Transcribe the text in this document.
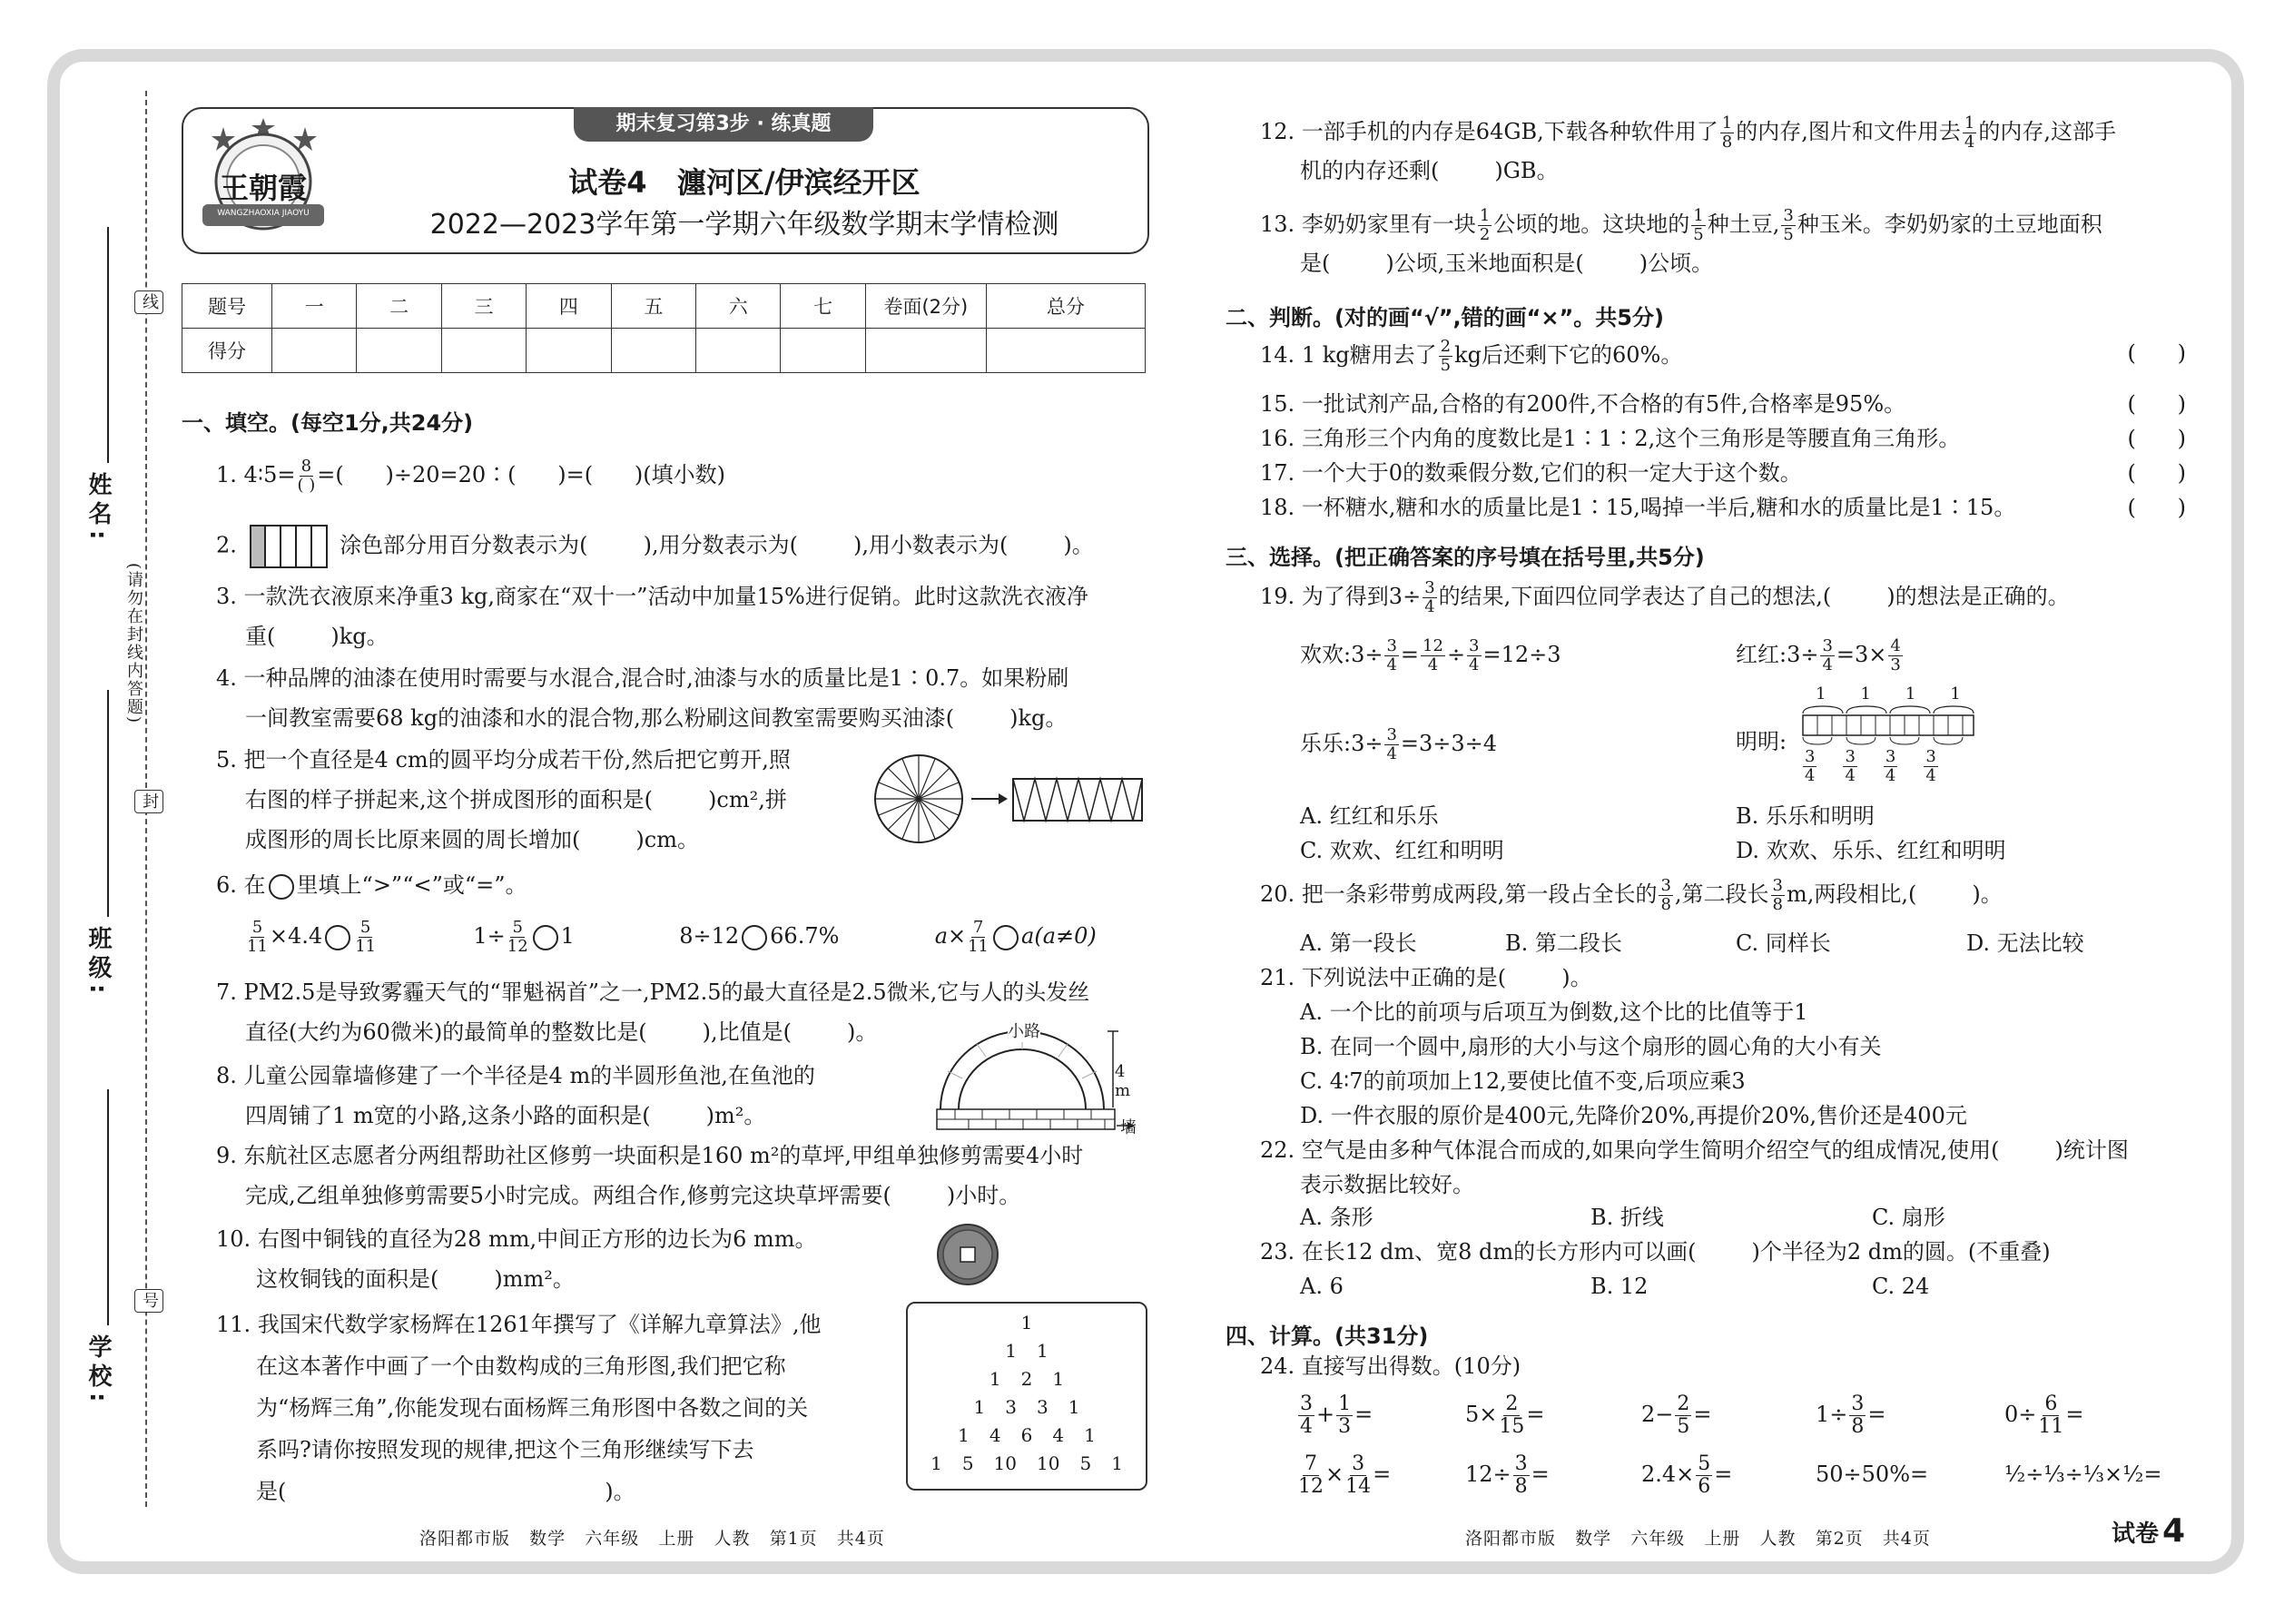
姓名:
班级:
学校:
(请勿在封线内答题)
线
封
号
王朝霞
WANGZHAOXIA JIAOYU
期末复习第3步 · 练真题
试卷4   瀍河区/伊滨经开区
2022—2023学年第一学期六年级数学期末学情检测
题号	一	二	三	四	五	六	七	卷面(2分)	总分
得分									
一、填空。(每空1分,共24分)
1. 4∶5= $\frac{8}{( )}$ =(      )÷20=20∶(      )=(      )(填小数)
2.	涂色部分用百分数表示为(        ),用分数表示为(        ),用小数表示为(        )。
3. 一款洗衣液原来净重3 kg,商家在“双十一”活动中加量15%进行促销。此时这款洗衣液净
重(        )kg。
4. 一种品牌的油漆在使用时需要与水混合,混合时,油漆与水的质量比是1∶0.7。如果粉刷
一间教室需要68 kg的油漆和水的混合物,那么粉刷这间教室需要购买油漆(        )kg。
5. 把一个直径是4 cm的圆平均分成若干份,然后把它剪开,照
右图的样子拼起来,这个拼成图形的面积是(        )cm²,拼
成图形的周长比原来圆的周长增加(        )cm。
6. 在 里填上“>”“<”或“=”。
$\frac{5}{11} \times 4.4 \frac{5}{11}$	$1\div \frac{5}{12} 1$	8÷12 66.7%	$a\times \frac{7}{11} a(a\ne 0)$
7. PM2.5是导致雾霾天气的“罪魁祸首”之一,PM2.5的最大直径是2.5微米,它与人的头发丝
直径(大约为60微米)的最简单的整数比是(        ),比值是(        )。
8. 儿童公园靠墙修建了一个半径是4 m的半圆形鱼池,在鱼池的
四周铺了1 m宽的小路,这条小路的面积是(        )m²。
小路
4 m
墙
9. 东航社区志愿者分两组帮助社区修剪一块面积是160 m²的草坪,甲组单独修剪需要4小时
完成,乙组单独修剪需要5小时完成。两组合作,修剪完这块草坪需要(        )小时。
10. 右图中铜钱的直径为28 mm,中间正方形的边长为6 mm。
这枚铜钱的面积是(        )mm²。
11. 我国宋代数学家杨辉在1261年撰写了《详解九章算法》,他
在这本著作中画了一个由数构成的三角形图,我们把它称
为“杨辉三角”,你能发现右面杨辉三角形图中各数之间的关
系吗?请你按照发现的规律,把这个三角形继续写下去
是(                                              )。
1
1 1
1 2 1
1 3 3 1
1 4 6 4 1
1 5 10 10 5 1
洛阳都市版   数学   六年级   上册   人教   第1页   共4页
12. 一部手机的内存是64GB,下载各种软件用了 $\frac{1}{8}$ 的内存,图片和文件用去 $\frac{1}{4}$ 的内存,这部手
机的内存还剩(        )GB。
13. 李奶奶家里有一块 $\frac{1}{2}$ 公顷的地。这块地的 $\frac{1}{5}$ 种土豆, $\frac{3}{5}$ 种玉米。李奶奶家的土豆地面积
是(        )公顷,玉米地面积是(        )公顷。
二、判断。(对的画“√”,错的画“×”。共5分)
14. 1 kg糖用去了 $\frac{2}{5}$ kg后还剩下它的60%。	(      )
15. 一批试剂产品,合格的有200件,不合格的有5件,合格率是95%。	(      )
16. 三角形三个内角的度数比是1∶1∶2,这个三角形是等腰直角三角形。	(      )
17. 一个大于0的数乘假分数,它们的积一定大于这个数。	(      )
18. 一杯糖水,糖和水的质量比是1∶15,喝掉一半后,糖和水的质量比是1∶15。	(      )
三、选择。(把正确答案的序号填在括号里,共5分)
19. 为了得到$3\div \frac{3}{4}$ 的结果,下面四位同学表达了自己的想法,(        )的想法是正确的。
欢欢:3÷ $\frac{3}{4} = \frac{12}{4} \div \frac{3}{4} =12\div 3$	红红:3÷ $\frac{3}{4} =3\times \frac{4}{3}$
乐乐:3÷ $\frac{3}{4} =3\div 3\div 4$	明明:
1111
$\frac{3}{4} \frac{3}{4} \frac{3}{4} \frac{3}{4}$
A. 红红和乐乐	B. 乐乐和明明
C. 欢欢、红红和明明	D. 欢欢、乐乐、红红和明明
20. 把一条彩带剪成两段,第一段占全长的 $\frac{3}{8}$ ,第二段长 $\frac{3}{8} m$,两段相比,(        )。
A. 第一段长	B. 第二段长	C. 同样长	D. 无法比较
21. 下列说法中正确的是(        )。
A. 一个比的前项与后项互为倒数,这个比的比值等于1
B. 在同一个圆中,扇形的大小与这个扇形的圆心角的大小有关
C. 4∶7的前项加上12,要使比值不变,后项应乘3
D. 一件衣服的原价是400元,先降价20%,再提价20%,售价还是400元
22. 空气是由多种气体混合而成的,如果向学生简明介绍空气的组成情况,使用(        )统计图
表示数据比较好。
A. 条形	B. 折线	C. 扇形
23. 在长12 dm、宽8 dm的长方形内可以画(        )个半径为2 dm的圆。(不重叠)
A. 6	B. 12	C. 24
四、计算。(共31分)
24. 直接写出得数。(10分)
$\frac{3}{4} + \frac{1}{3}$ =	$5\times \frac{2}{15}$ =	$2- \frac{2}{5}$ =	$1\div \frac{3}{8}$ =	$0\div \frac{6}{11}$ =
$\frac{7}{12} \times \frac{3}{14}$ =	$12\div \frac{3}{8}$ =	$2.4\times \frac{5}{6}$ =	50÷50%=	½÷⅓÷⅓×½=
洛阳都市版   数学   六年级   上册   人教   第2页   共4页	试卷 4
